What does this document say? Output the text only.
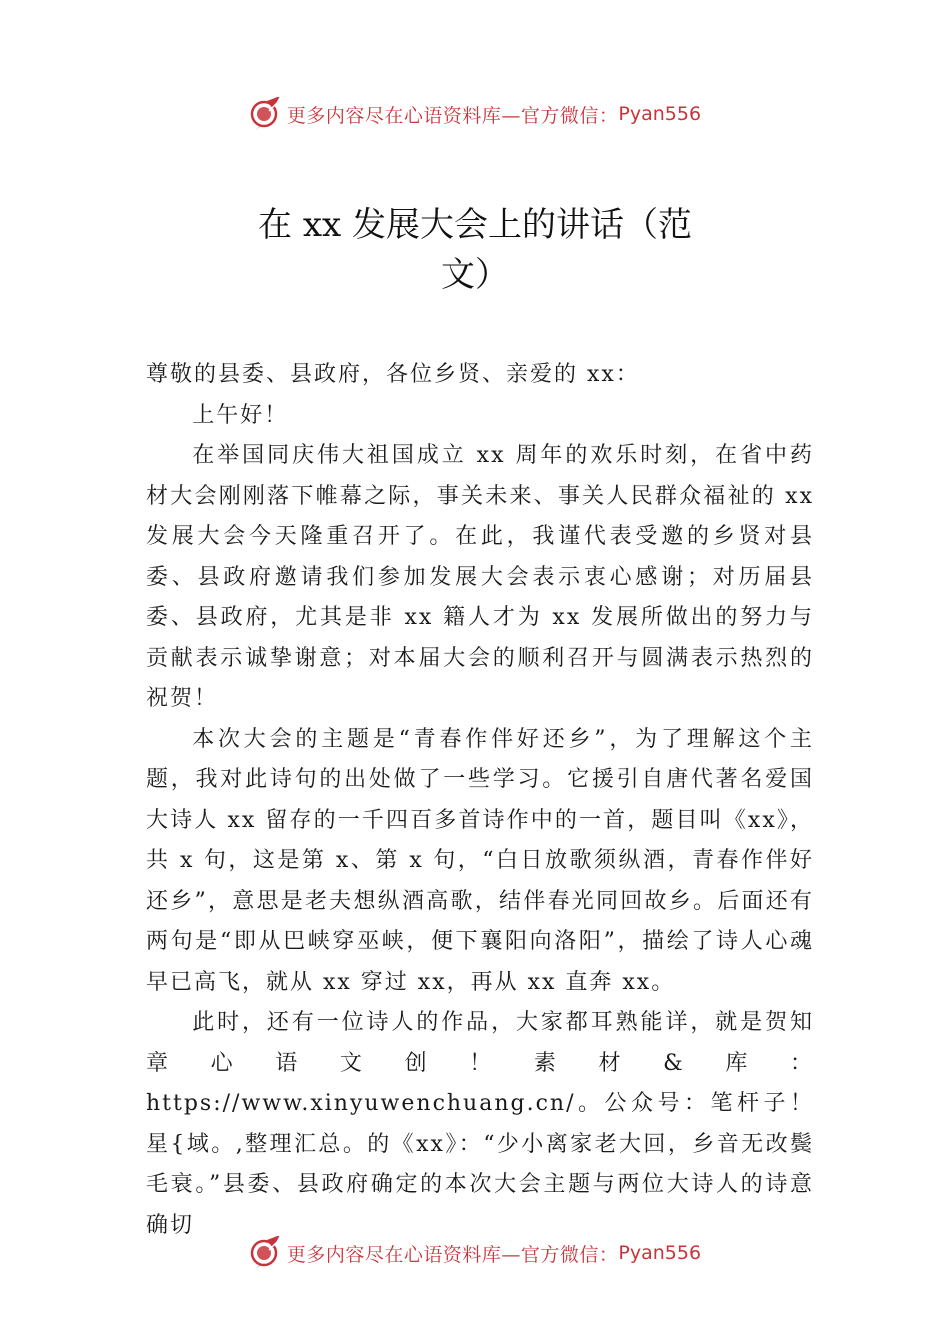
更多内容尽在心语资料库—官方微信： Pyan556
在 xx 发展大会上的讲话（范
文）

尊敬的县委、县政府，各位乡贤、亲爱的 xx：

上午好！

在举国同庆伟大祖国成立 xx 周年的欢乐时刻，在省中药材大会刚刚落下帷幕之际，事关未来、事关人民群众福祉的 xx 发展大会今天隆重召开了。在此，我谨代表受邀的乡贤对县委、县政府邀请我们参加发展大会表示衷心感谢；对历届县委、县政府，尤其是非 xx 籍人才为 xx 发展所做出的努力与贡献表示诚挚谢意；对本届大会的顺利召开与圆满表示热烈的祝贺！

本次大会的主题是“青春作伴好还乡”，为了理解这个主题，我对此诗句的出处做了一些学习。它援引自唐代著名爱国大诗人 xx 留存的一千四百多首诗作中的一首，题目叫《xx》，共 x 句，这是第 x、第 x 句，“白日放歌须纵酒，青春作伴好还乡”，意思是老夫想纵酒高歌，结伴春光同回故乡。后面还有两句是“即从巴峡穿巫峡，便下襄阳向洛阳”，描绘了诗人心魂早已高飞，就从 xx 穿过 xx，再从 xx 直奔 xx。

此时，还有一位诗人的作品，大家都耳熟能详，就是贺知章心语文创！素材&库：https://www.xinyuwenchuang.cn/。公众号：笔杆子！星{域。,整理汇总。的《xx》：“少小离家老大回，乡音无改鬓毛衰。”县委、县政府确定的本次大会主题与两位大诗人的诗意确切

更多内容尽在心语资料库—官方微信： Pyan556
